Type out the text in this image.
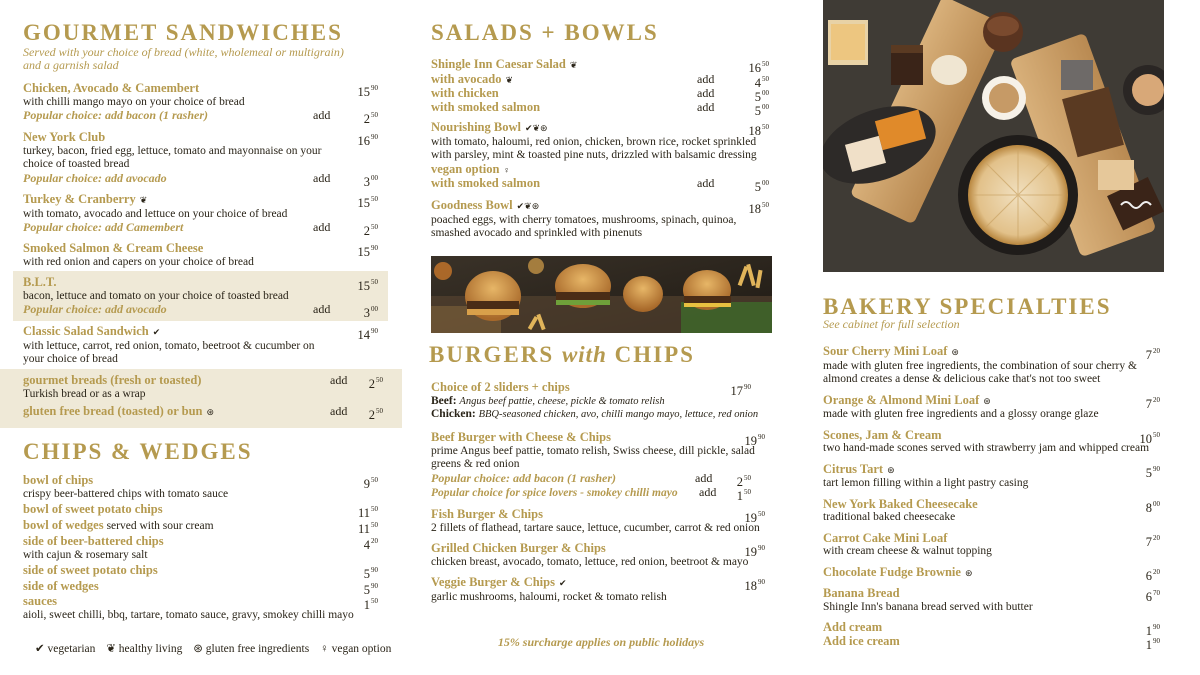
GOURMET SANDWICHES
Served with your choice of bread (white, wholemeal or multigrain)
and a garnish salad
Chicken, Avocado & Camembert	$15^{90}$
with chilli mango mayo on your choice of bread
Popular choice: add bacon (1 rasher)	add	$2^{50}$
New York Club	$16^{90}$
turkey, bacon, fried egg, lettuce, tomato and mayonnaise on your
choice of toasted bread
Popular choice: add avocado	add	$3^{00}$
Turkey & Cranberry ❦	$15^{50}$
with tomato, avocado and lettuce on your choice of bread
Popular choice: add Camembert	add	$2^{50}$
Smoked Salmon & Cream Cheese	$15^{90}$
with red onion and capers on your choice of bread
B.L.T.	$15^{50}$
bacon, lettuce and tomato on your choice of toasted bread
Popular choice: add avocado	add	$3^{00}$
Classic Salad Sandwich ✔	$14^{90}$
with lettuce, carrot, red onion, tomato, beetroot & cucumber on
your choice of bread
gourmet breads (fresh or toasted)	add $2^{50}$
Turkish bread or as a wrap
gluten free bread (toasted) or bun ⊛	add $2^{50}$
CHIPS & WEDGES
bowl of chips	$9^{50}$
crispy beer-battered chips with tomato sauce
bowl of sweet potato chips	$11^{50}$
bowl of wedges served with sour cream	$11^{50}$
side of beer-battered chips	$4^{20}$
with cajun & rosemary salt
side of sweet potato chips	$5^{90}$
side of wedges	$5^{90}$
sauces	$1^{50}$
aioli, sweet chilli, bbq, tartare, tomato sauce, gravy, smokey chilli mayo
✔ vegetarian ❦ healthy living ⊛ gluten free ingredients ♀ vegan option
SALADS + BOWLS
Shingle Inn Caesar Salad ❦	$16^{50}$
with avocado ❦	add	$4^{50}$
with chicken	add	$5^{00}$
with smoked salmon	add	$5^{00}$
Nourishing Bowl ✔❦⊛	$18^{50}$
with tomato, haloumi, red onion, chicken, brown rice, rocket sprinkled
with parsley, mint & toasted pine nuts, drizzled with balsamic dressing
vegan option ♀
with smoked salmon	add	$5^{00}$
Goodness Bowl ✔❦⊛	$18^{50}$
poached eggs, with cherry tomatoes, mushrooms, spinach, quinoa,
smashed avocado and sprinkled with pinenuts
BURGERS with CHIPS
Choice of 2 sliders + chips	$17^{90}$
Beef: Angus beef pattie, cheese, pickle & tomato relish
Chicken: BBQ-seasoned chicken, avo, chilli mango mayo, lettuce, red onion
Beef Burger with Cheese & Chips	$19^{90}$
prime Angus beef pattie, tomato relish, Swiss cheese, dill pickle, salad
greens & red onion
Popular choice: add bacon (1 rasher)	add $2^{50}$
Popular choice for spice lovers - smokey chilli mayo add $1^{50}$
Fish Burger & Chips	$19^{50}$
2 fillets of flathead, tartare sauce, lettuce, cucumber, carrot & red onion
Grilled Chicken Burger & Chips	$19^{90}$
chicken breast, avocado, tomato, lettuce, red onion, beetroot & mayo
Veggie Burger & Chips ✔	$18^{90}$
garlic mushrooms, haloumi, rocket & tomato relish
15% surcharge applies on public holidays
BAKERY SPECIALTIES
See cabinet for full selection
Sour Cherry Mini Loaf ⊛	$7^{20}$
made with gluten free ingredients, the combination of sour cherry &
almond creates a dense & delicious cake that's not too sweet
Orange & Almond Mini Loaf ⊛	$7^{20}$
made with gluten free ingredients and a glossy orange glaze
Scones, Jam & Cream	$10^{50}$
two hand-made scones served with strawberry jam and whipped cream
Citrus Tart ⊛	$5^{90}$
tart lemon filling within a light pastry casing
New York Baked Cheesecake	$8^{00}$
traditional baked cheesecake
Carrot Cake Mini Loaf	$7^{20}$
with cream cheese & walnut topping
Chocolate Fudge Brownie ⊛	$6^{20}$
Banana Bread	$6^{70}$
Shingle Inn's banana bread served with butter
Add cream	$1^{90}$
Add ice cream	$1^{90}$
